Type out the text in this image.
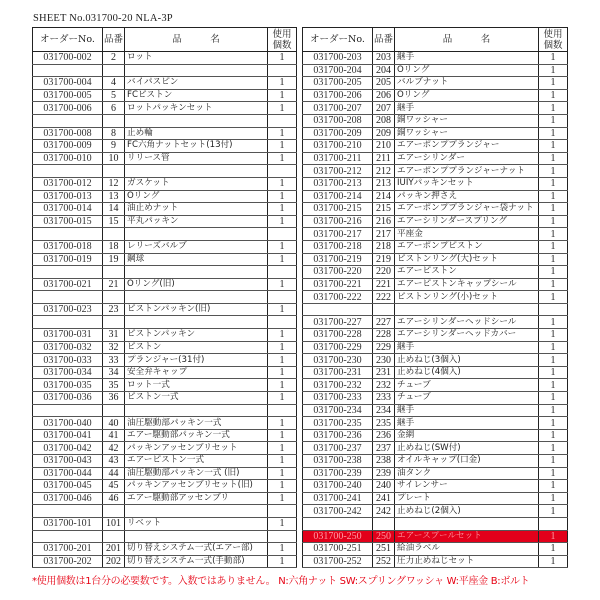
SHEET No.031700-20 NLA-3P
オーダーNo.	品番	品　　　名	使用
個数
031700-002	2	ロット	1

031700-004	4	バイパスピン	1
031700-005	5	FCピストン	1
031700-006	6	ロットパッキンセット	1

031700-008	8	止め輪	1
031700-009	9	FC六角ナットセット(13付)	1
031700-010	10	リリース管	1

031700-012	12	ガスケット	1
031700-013	13	Oリング	1
031700-014	14	油止めナット	1
031700-015	15	平丸パッキン	1

031700-018	18	レリーズバルブ	1
031700-019	19	鋼球	1

031700-021	21	Oリング(旧)	1

031700-023	23	ピストンパッキン(旧)	1

031700-031	31	ピストンパッキン	1
031700-032	32	ピストン	1
031700-033	33	プランジャー(31付)	1
031700-034	34	安全弁キャップ	1
031700-035	35	ロット一式	1
031700-036	36	ピストン一式	1

031700-040	40	油圧駆動部パッキン一式	1
031700-041	41	エアー駆動部パッキン一式	1
031700-042	42	パッキンアッセンブリセット	1
031700-043	43	エアーピストン一式	1
031700-044	44	油圧駆動部パッキン一式 (旧)	1
031700-045	45	パッキンアッセンブリセット(旧)	1
031700-046	46	エアー駆動部アッセンブリ	1

031700-101	101	リベット	1

031700-201	201	切り替えシステム一式(エアー部)	1
031700-202	202	切り替えシステム一式(手動部)	1
オーダーNo.	品番	品　　　名	使用
個数
031700-203	203	継手	1
031700-204	204	Oリング	1
031700-205	205	バルブナット	1
031700-206	206	Oリング	1
031700-207	207	継手	1
031700-208	208	銅ワッシャー	1
031700-209	209	銅ワッシャー	1
031700-210	210	エアーポンププランジャー	1
031700-211	211	エアーシリンダー	1
031700-212	212	エアーポンププランジャーナット	1
031700-213	213	IUIYパッキンセット	1
031700-214	214	パッキン押さえ	1
031700-215	215	エアーポンププランジャー袋ナット	1
031700-216	216	エアーシリンダースプリング	1
031700-217	217	平座金	1
031700-218	218	エアーポンプピストン	1
031700-219	219	ピストンリング(大)セット	1
031700-220	220	エアーピストン	1
031700-221	221	エアーピストンキャップシール	1
031700-222	222	ピストンリング(小)セット	1

031700-227	227	エアーシリンダーヘッドシール	1
031700-228	228	エアーシリンダーヘッドカバー	1
031700-229	229	継手	1
031700-230	230	止めねじ(3個入)	1
031700-231	231	止めねじ(4個入)	1
031700-232	232	チューブ	1
031700-233	233	チューブ	1
031700-234	234	継手	1
031700-235	235	継手	1
031700-236	236	金網	1
031700-237	237	止めねじ(SW付)	1
031700-238	238	オイルキャップ(口金)	1
031700-239	239	油タンク	1
031700-240	240	サイレンサー	1
031700-241	241	プレート	1
031700-242	242	止めねじ(2個入)	1

031700-250	250	エアースプールセット	1
031700-251	251	給油ラベル	1
031700-252	252	圧力止めねじセット	1
*使用個数は1台分の必要数です。入数ではありません。 N:六角ナット SW:スプリングワッシャ W:平座金 B:ボルト
